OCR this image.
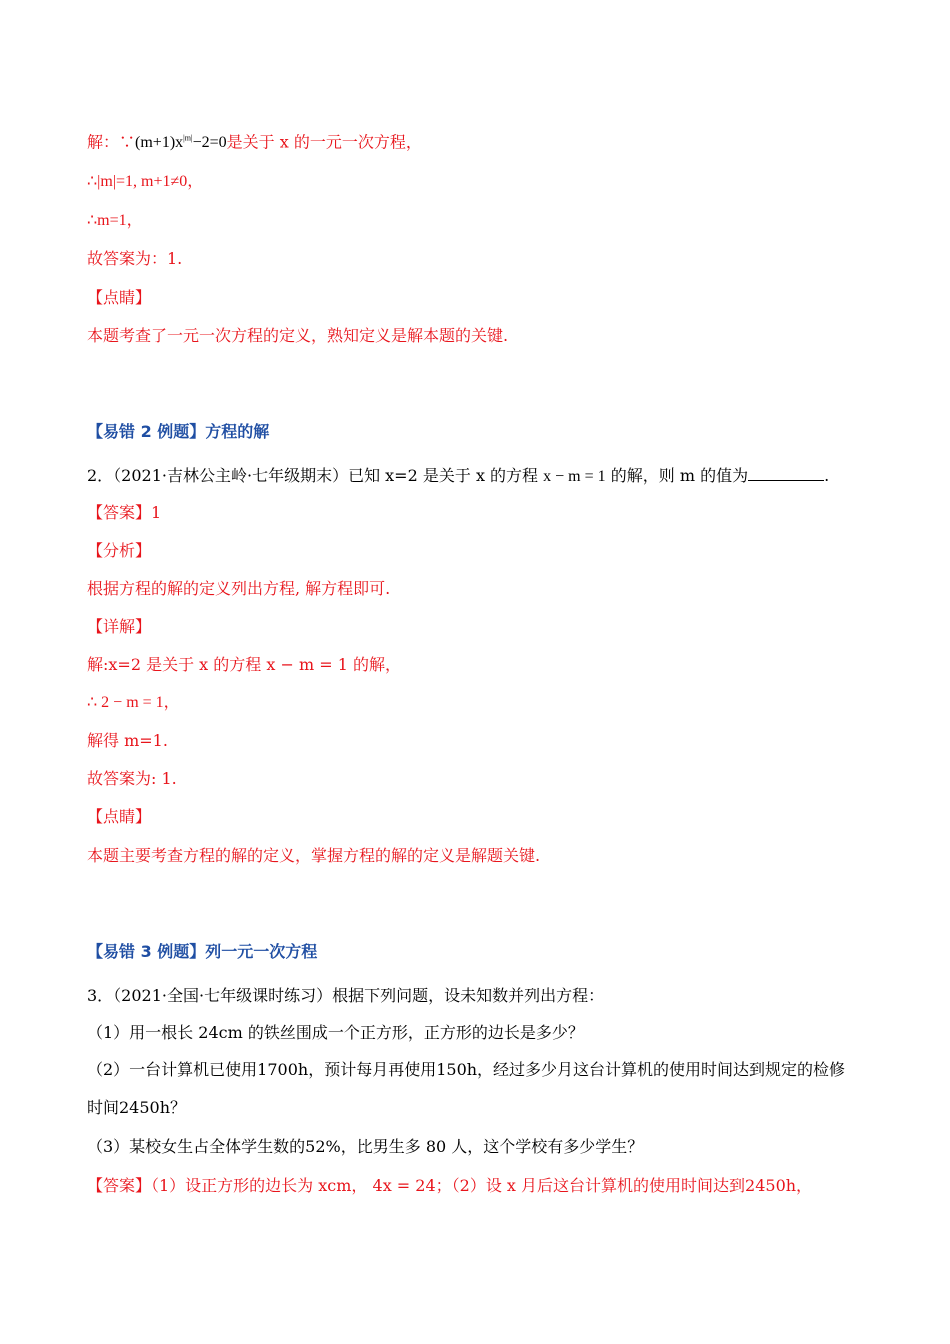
解：$\because(m+1)x^{|m|}-2=0$是关于 x 的一元一次方程，
∴|m|=1, m+1≠0，
∴m=1，
故答案为：1.
【点睛】
本题考查了一元一次方程的定义，熟知定义是解本题的关键.
【易错 2 例题】方程的解
2．（2021·吉林公主岭·七年级期末）已知 x=2 是关于 x 的方程 x − m = 1 的解，则 m 的值为	.
【答案】1
【分析】
根据方程的解的定义列出方程, 解方程即可.
【详解】
解:x=2 是关于 x 的方程 x − m = 1 的解，
∴ 2 − m = 1，
解得 m=1.
故答案为: 1.
【点睛】
本题主要考查方程的解的定义，掌握方程的解的定义是解题关键.
【易错 3 例题】列一元一次方程
3．（2021·全国·七年级课时练习）根据下列问题，设未知数并列出方程：
（1）用一根长 24cm 的铁丝围成一个正方形，正方形的边长是多少？
（2）一台计算机已使用1700h，预计每月再使用150h，经过多少月这台计算机的使用时间达到规定的检修
时间2450h？
（3）某校女生占全体学生数的52%，比男生多 80 人，这个学校有多少学生？
【答案】（1）设正方形的边长为 xcm， 4x = 24；（2）设 x 月后这台计算机的使用时间达到2450h，
